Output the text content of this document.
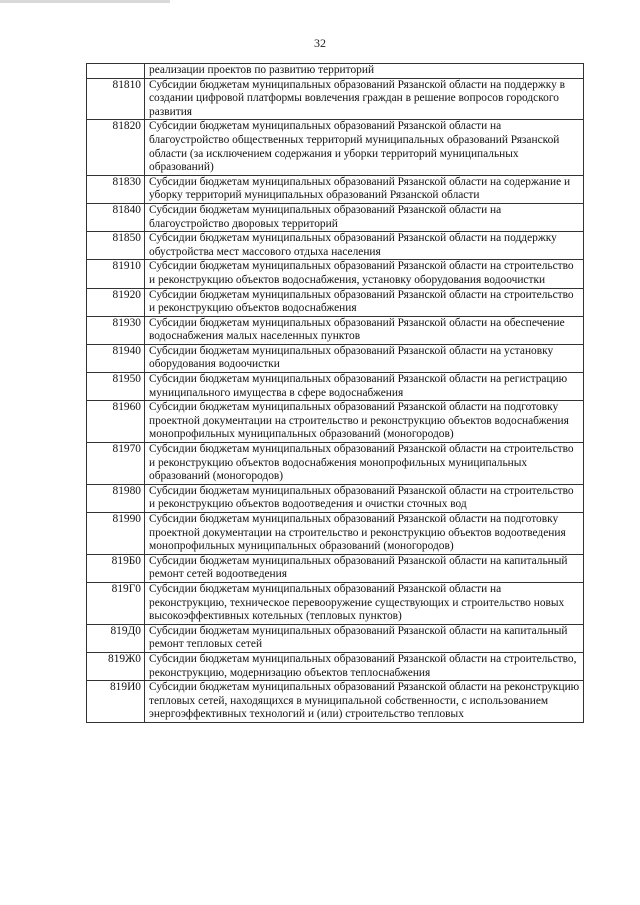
32
	реализации проектов по развитию территорий
81810	Субсидии бюджетам муниципальных образований Рязанской области на поддержку в создании цифровой платформы вовлечения граждан в решение вопросов городского развития
81820	Субсидии бюджетам муниципальных образований Рязанской области на благоустройство общественных территорий муниципальных образований Рязанской области (за исключением содержания и уборки территорий муниципальных образований)
81830	Субсидии бюджетам муниципальных образований Рязанской области на содержание и уборку территорий муниципальных образований Рязанской области
81840	Субсидии бюджетам муниципальных образований Рязанской области на благоустройство дворовых территорий
81850	Субсидии бюджетам муниципальных образований Рязанской области на поддержку обустройства мест массового отдыха населения
81910	Субсидии бюджетам муниципальных образований Рязанской области на строительство и реконструкцию объектов водоснабжения, установку оборудования водоочистки
81920	Субсидии бюджетам муниципальных образований Рязанской области на строительство и реконструкцию объектов водоснабжения
81930	Субсидии бюджетам муниципальных образований Рязанской области на обеспечение водоснабжения малых населенных пунктов
81940	Субсидии бюджетам муниципальных образований Рязанской области на установку оборудования водоочистки
81950	Субсидии бюджетам муниципальных образований Рязанской области на регистрацию муниципального имущества в сфере водоснабжения
81960	Субсидии бюджетам муниципальных образований Рязанской области на подготовку проектной документации на строительство и реконструкцию объектов водоснабжения монопрофильных муниципальных образований (моногородов)
81970	Субсидии бюджетам муниципальных образований Рязанской области на строительство и реконструкцию объектов водоснабжения монопрофильных муниципальных образований (моногородов)
81980	Субсидии бюджетам муниципальных образований Рязанской области на строительство и реконструкцию объектов водоотведения и очистки сточных вод
81990	Субсидии бюджетам муниципальных образований Рязанской области на подготовку проектной документации на строительство и реконструкцию объектов водоотведения монопрофильных муниципальных образований (моногородов)
819Б0	Субсидии бюджетам муниципальных образований Рязанской области на капитальный ремонт сетей водоотведения
819Г0	Субсидии бюджетам муниципальных образований Рязанской области на реконструкцию, техническое перевооружение существующих и строительство новых высокоэффективных котельных (тепловых пунктов)
819Д0	Субсидии бюджетам муниципальных образований Рязанской области на капитальный ремонт тепловых сетей
819Ж0	Субсидии бюджетам муниципальных образований Рязанской области на строительство, реконструкцию, модернизацию объектов теплоснабжения
819И0	Субсидии бюджетам муниципальных образований Рязанской области на реконструкцию тепловых сетей, находящихся в муниципальной собственности, с использованием энергоэффективных технологий и (или) строительство тепловых
